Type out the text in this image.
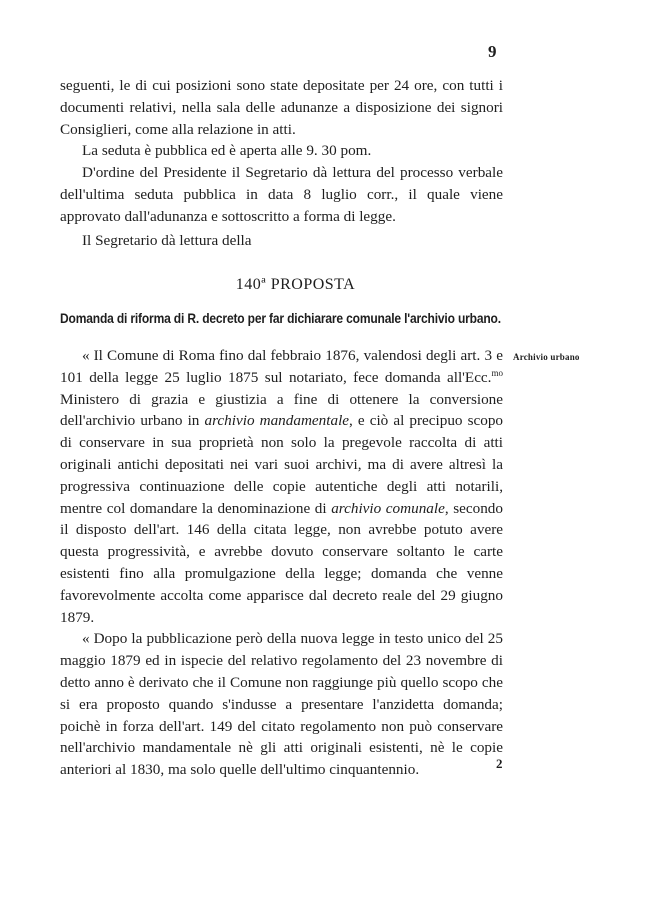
9

seguenti, le di cui posizioni sono state depositate per 24 ore, con tutti i documenti relativi, nella sala delle adunanze a disposizione dei signori Consiglieri, come alla relazione in atti.

La seduta è pubblica ed è aperta alle 9. 30 pom.

D'ordine del Presidente il Segretario dà lettura del processo verbale dell'ultima seduta pubblica in data 8 luglio corr., il quale viene approvato dall'adunanza e sottoscritto a forma di legge.

Il Segretario dà lettura della
140ª PROPOSTA
Domanda di riforma di R. decreto per far dichiarare comunale l'archivio urbano.
Archivio urbano

« Il Comune di Roma fino dal febbraio 1876, valendosi degli art. 3 e 101 della legge 25 luglio 1875 sul notariato, fece domanda all'Ecc.$^{mo}$ Ministero di grazia e giustizia a fine di ottenere la conversione dell'archivio urbano in archivio mandamentale, e ciò al precipuo scopo di conservare in sua proprietà non solo la pregevole raccolta di atti originali antichi depositati nei vari suoi archivi, ma di avere altresì la progressiva continuazione delle copie autentiche degli atti notarili, mentre col domandare la denominazione di archivio comunale, secondo il disposto dell'art. 146 della citata legge, non avrebbe potuto avere questa progressività, e avrebbe dovuto conservare soltanto le carte esistenti fino alla promulgazione della legge; domanda che venne favorevolmente accolta come apparisce dal decreto reale del 29 giugno 1879.

« Dopo la pubblicazione però della nuova legge in testo unico del 25 maggio 1879 ed in ispecie del relativo regolamento del 23 novembre di detto anno è derivato che il Comune non raggiunge più quello scopo che si era proposto quando s'indusse a presentare l'anzidetta domanda; poichè in forza dell'art. 149 del citato regolamento non può conservare nell'archivio mandamentale nè gli atti originali esistenti, nè le copie anteriori al 1830, ma solo quelle dell'ultimo cinquantennio.	2
